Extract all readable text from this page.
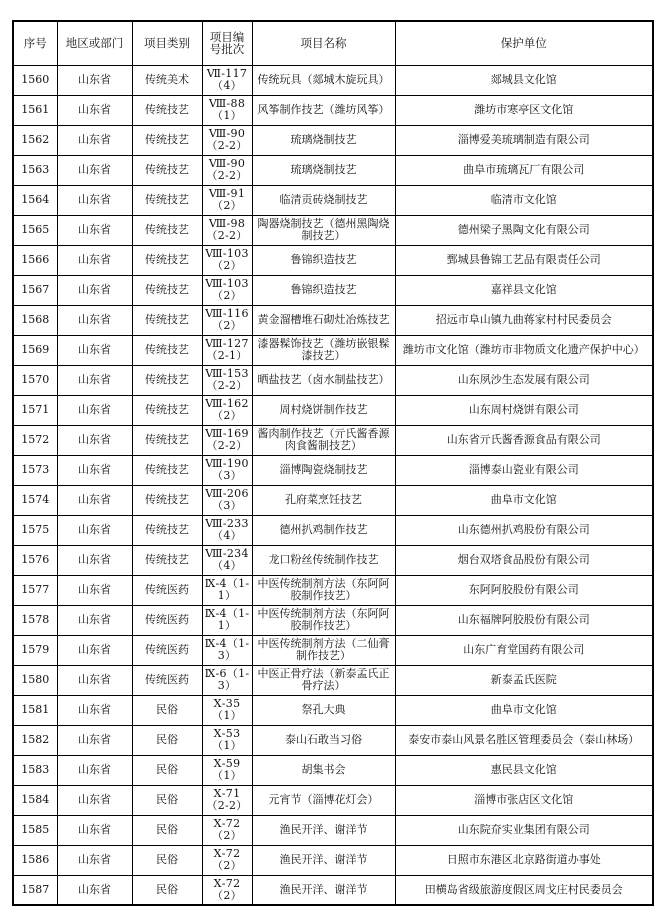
序号	地区或部门	项目类别	项目编号批次	项目名称	保护单位
1560	山东省	传统美术	Ⅶ-117（4）	传统玩具（郯城木旋玩具）	郯城县文化馆
1561	山东省	传统技艺	Ⅷ-88（1）	风筝制作技艺（潍坊风筝）	潍坊市寒亭区文化馆
1562	山东省	传统技艺	Ⅷ-90（2-2）	琉璃烧制技艺	淄博爱美琉璃制造有限公司
1563	山东省	传统技艺	Ⅷ-90（2-2）	琉璃烧制技艺	曲阜市琉璃瓦厂有限公司
1564	山东省	传统技艺	Ⅷ-91（2）	临清贡砖烧制技艺	临清市文化馆
1565	山东省	传统技艺	Ⅷ-98（2-2）	陶器烧制技艺（德州黑陶烧制技艺）	德州梁子黑陶文化有限公司
1566	山东省	传统技艺	Ⅷ-103（2）	鲁锦织造技艺	鄄城县鲁锦工艺品有限责任公司
1567	山东省	传统技艺	Ⅷ-103（2）	鲁锦织造技艺	嘉祥县文化馆
1568	山东省	传统技艺	Ⅷ-116（2）	黄金溜槽堆石砌灶冶炼技艺	招远市阜山镇九曲蒋家村村民委员会
1569	山东省	传统技艺	Ⅷ-127（2-1）	漆器髹饰技艺（潍坊嵌银髹漆技艺）	潍坊市文化馆（潍坊市非物质文化遗产保护中心）
1570	山东省	传统技艺	Ⅷ-153（2-2）	晒盐技艺（卤水制盐技艺）	山东夙沙生态发展有限公司
1571	山东省	传统技艺	Ⅷ-162（2）	周村烧饼制作技艺	山东周村烧饼有限公司
1572	山东省	传统技艺	Ⅷ-169（2-2）	酱肉制作技艺（亓氏酱香源肉食酱制技艺）	山东省亓氏酱香源食品有限公司
1573	山东省	传统技艺	Ⅷ-190（3）	淄博陶瓷烧制技艺	淄博泰山瓷业有限公司
1574	山东省	传统技艺	Ⅷ-206（3）	孔府菜烹饪技艺	曲阜市文化馆
1575	山东省	传统技艺	Ⅷ-233（4）	德州扒鸡制作技艺	山东德州扒鸡股份有限公司
1576	山东省	传统技艺	Ⅷ-234（4）	龙口粉丝传统制作技艺	烟台双塔食品股份有限公司
1577	山东省	传统医药	Ⅸ-4（1-1）	中医传统制剂方法（东阿阿胶制作技艺）	东阿阿胶股份有限公司
1578	山东省	传统医药	Ⅸ-4（1-1）	中医传统制剂方法（东阿阿胶制作技艺）	山东福牌阿胶股份有限公司
1579	山东省	传统医药	Ⅸ-4（1-3）	中医传统制剂方法（二仙膏制作技艺）	山东广育堂国药有限公司
1580	山东省	传统医药	Ⅸ-6（1-3）	中医正骨疗法（新泰孟氏正骨疗法）	新泰孟氏医院
1581	山东省	民俗	Ⅹ-35（1）	祭孔大典	曲阜市文化馆
1582	山东省	民俗	Ⅹ-53（1）	泰山石敢当习俗	泰安市泰山风景名胜区管理委员会（泰山林场）
1583	山东省	民俗	Ⅹ-59（1）	胡集书会	惠民县文化馆
1584	山东省	民俗	Ⅹ-71（2-2）	元宵节（淄博花灯会）	淄博市张店区文化馆
1585	山东省	民俗	Ⅹ-72（2）	渔民开洋、谢洋节	山东院夼实业集团有限公司
1586	山东省	民俗	Ⅹ-72（2）	渔民开洋、谢洋节	日照市东港区北京路街道办事处
1587	山东省	民俗	Ⅹ-72（2）	渔民开洋、谢洋节	田横岛省级旅游度假区周戈庄村民委员会
